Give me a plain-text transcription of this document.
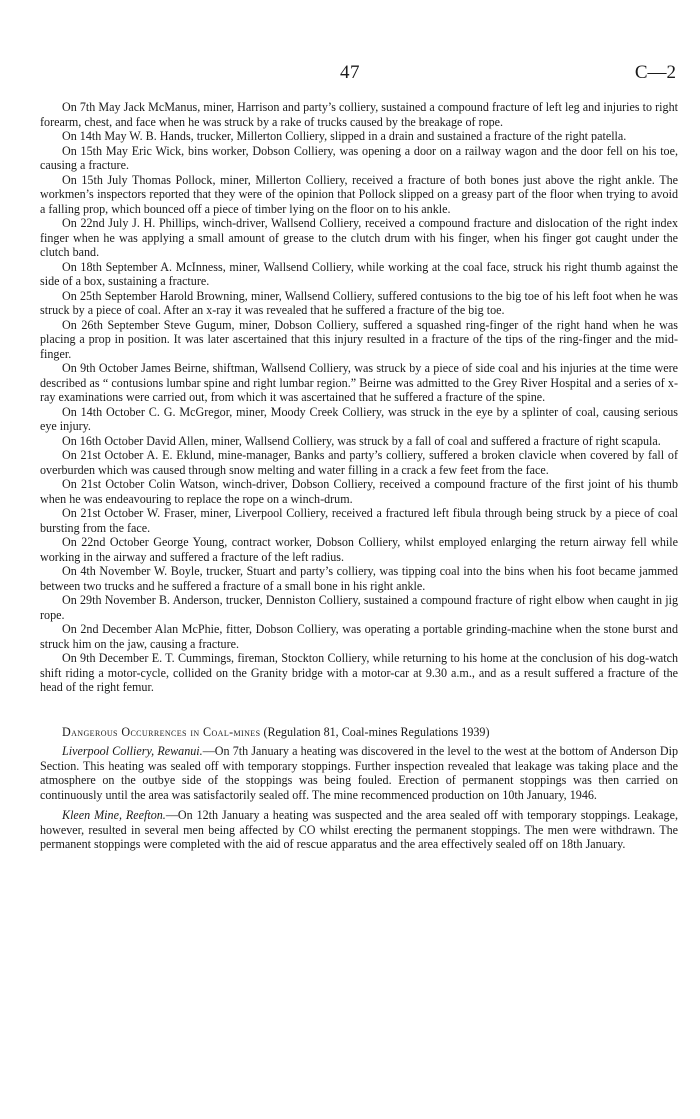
47	C—2

On 7th May Jack McManus, miner, Harrison and party’s colliery, sustained a compound fracture of left leg and injuries to right forearm, chest, and face when he was struck by a rake of trucks caused by the breakage of rope.

On 14th May W. B. Hands, trucker, Millerton Colliery, slipped in a drain and sustained a fracture of the right patella.

On 15th May Eric Wick, bins worker, Dobson Colliery, was opening a door on a railway wagon and the door fell on his toe, causing a fracture.

On 15th July Thomas Pollock, miner, Millerton Colliery, received a fracture of both bones just above the right ankle. The workmen’s inspectors reported that they were of the opinion that Pollock slipped on a greasy part of the floor when trying to avoid a falling prop, which bounced off a piece of timber lying on the floor on to his ankle.

On 22nd July J. H. Phillips, winch-driver, Wallsend Colliery, received a compound fracture and dislocation of the right index finger when he was applying a small amount of grease to the clutch drum with his finger, when his finger got caught under the clutch band.

On 18th September A. McInness, miner, Wallsend Colliery, while working at the coal face, struck his right thumb against the side of a box, sustaining a fracture.

On 25th September Harold Browning, miner, Wallsend Colliery, suffered contusions to the big toe of his left foot when he was struck by a piece of coal. After an x-ray it was revealed that he suffered a fracture of the big toe.

On 26th September Steve Gugum, miner, Dobson Colliery, suffered a squashed ring-finger of the right hand when he was placing a prop in position. It was later ascertained that this injury resulted in a fracture of the tips of the ring-finger and the mid-finger.

On 9th October James Beirne, shiftman, Wallsend Colliery, was struck by a piece of side coal and his injuries at the time were described as “ contusions lumbar spine and right lumbar region.” Beirne was admitted to the Grey River Hospital and a series of x-ray examinations were carried out, from which it was ascertained that he suffered a fracture of the spine.

On 14th October C. G. McGregor, miner, Moody Creek Colliery, was struck in the eye by a splinter of coal, causing serious eye injury.

On 16th October David Allen, miner, Wallsend Colliery, was struck by a fall of coal and suffered a fracture of right scapula.

On 21st October A. E. Eklund, mine-manager, Banks and party’s colliery, suffered a broken clavicle when covered by fall of overburden which was caused through snow melting and water filling in a crack a few feet from the face.

On 21st October Colin Watson, winch-driver, Dobson Colliery, received a compound fracture of the first joint of his thumb when he was endeavouring to replace the rope on a winch-drum.

On 21st October W. Fraser, miner, Liverpool Colliery, received a fractured left fibula through being struck by a piece of coal bursting from the face.

On 22nd October George Young, contract worker, Dobson Colliery, whilst employed enlarging the return airway fell while working in the airway and suffered a fracture of the left radius.

On 4th November W. Boyle, trucker, Stuart and party’s colliery, was tipping coal into the bins when his foot became jammed between two trucks and he suffered a fracture of a small bone in his right ankle.

On 29th November B. Anderson, trucker, Denniston Colliery, sustained a compound fracture of right elbow when caught in jig rope.

On 2nd December Alan McPhie, fitter, Dobson Colliery, was operating a portable grinding-machine when the stone burst and struck him on the jaw, causing a fracture.

On 9th December E. T. Cummings, fireman, Stockton Colliery, while returning to his home at the conclusion of his dog-watch shift riding a motor-cycle, collided on the Granity bridge with a motor-car at 9.30 a.m., and as a result suffered a fracture of the head of the right femur.

Dangerous Occurrences in Coal-mines (Regulation 81, Coal-mines Regulations 1939)

Liverpool Colliery, Rewanui.—On 7th January a heating was discovered in the level to the west at the bottom of Anderson Dip Section. This heating was sealed off with temporary stoppings. Further inspection revealed that leakage was taking place and the atmosphere on the outbye side of the stoppings was being fouled. Erection of permanent stoppings was then carried on continuously until the area was satisfactorily sealed off. The mine recommenced production on 10th January, 1946.

Kleen Mine, Reefton.—On 12th January a heating was suspected and the area sealed off with temporary stoppings. Leakage, however, resulted in several men being affected by CO whilst erecting the permanent stoppings. The men were withdrawn. The permanent stoppings were completed with the aid of rescue apparatus and the area effectively sealed off on 18th January.
